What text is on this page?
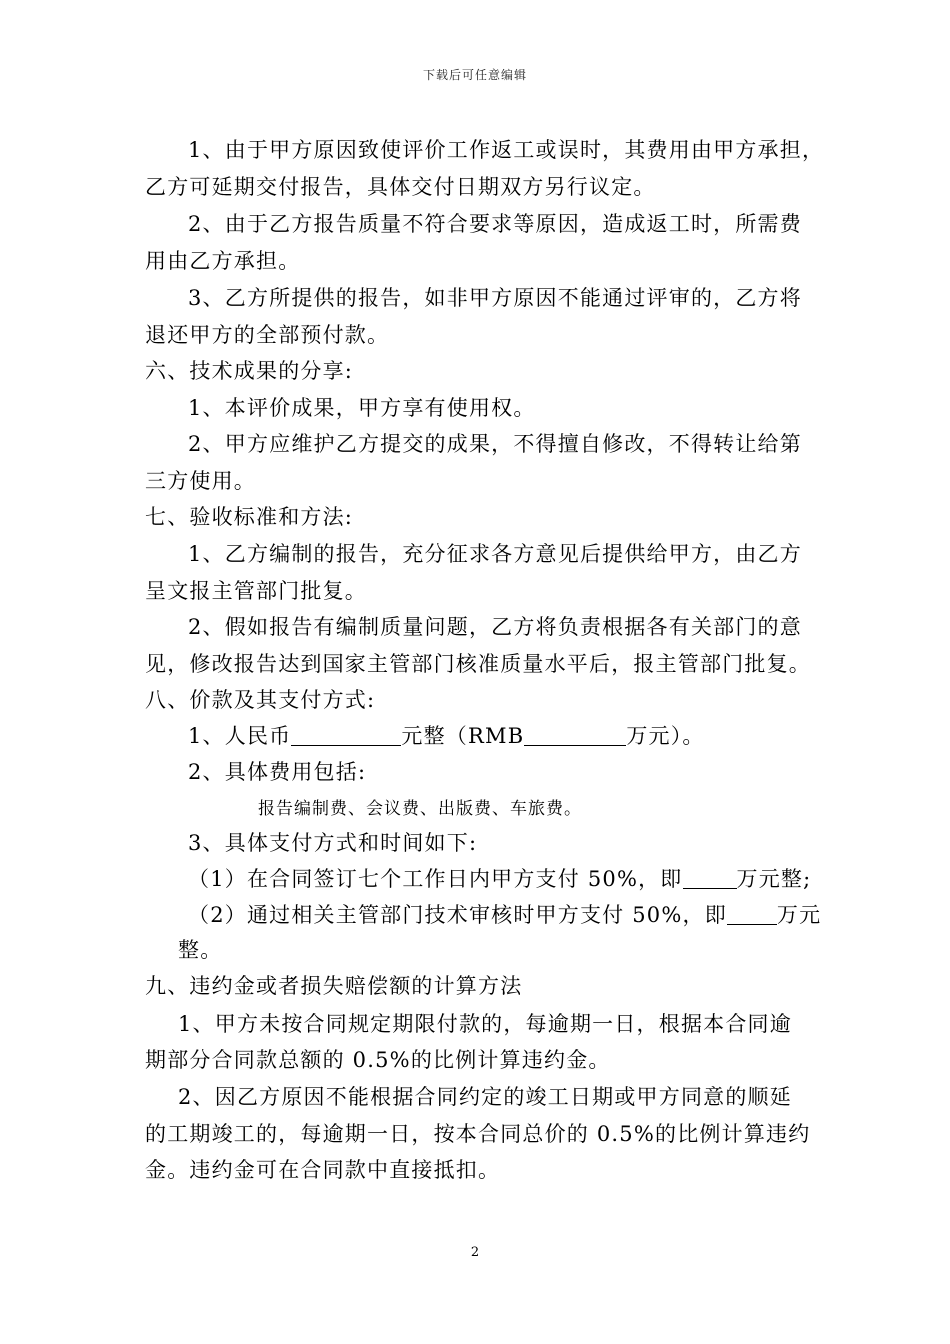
下载后可任意编辑
1、由于甲方原因致使评价工作返工或误时，其费用由甲方承担，
乙方可延期交付报告，具体交付日期双方另行议定。
2、由于乙方报告质量不符合要求等原因，造成返工时，所需费
用由乙方承担。
3、乙方所提供的报告，如非甲方原因不能通过评审的，乙方将
退还甲方的全部预付款。
六、技术成果的分享:
1、本评价成果，甲方享有使用权。
2、甲方应维护乙方提交的成果，不得擅自修改，不得转让给第
三方使用。
七、验收标准和方法:
1、乙方编制的报告，充分征求各方意见后提供给甲方，由乙方
呈文报主管部门批复。
2、假如报告有编制质量问题，乙方将负责根据各有关部门的意
见，修改报告达到国家主管部门核准质量水平后，报主管部门批复。
八、价款及其支付方式:
1、人民币	元整（RMB	万元）。
2、具体费用包括:
报告编制费、会议费、出版费、车旅费。
3、具体支付方式和时间如下:
（1）在合同签订七个工作日内甲方支付 50%，即	万元整;
（2）通过相关主管部门技术审核时甲方支付 50%，即 万元
整。
九、违约金或者损失赔偿额的计算方法
1、甲方未按合同规定期限付款的，每逾期一日，根据本合同逾
期部分合同款总额的 0.5%的比例计算违约金。
2、因乙方原因不能根据合同约定的竣工日期或甲方同意的顺延
的工期竣工的，每逾期一日，按本合同总价的 0.5%的比例计算违约
金。违约金可在合同款中直接抵扣。
2
